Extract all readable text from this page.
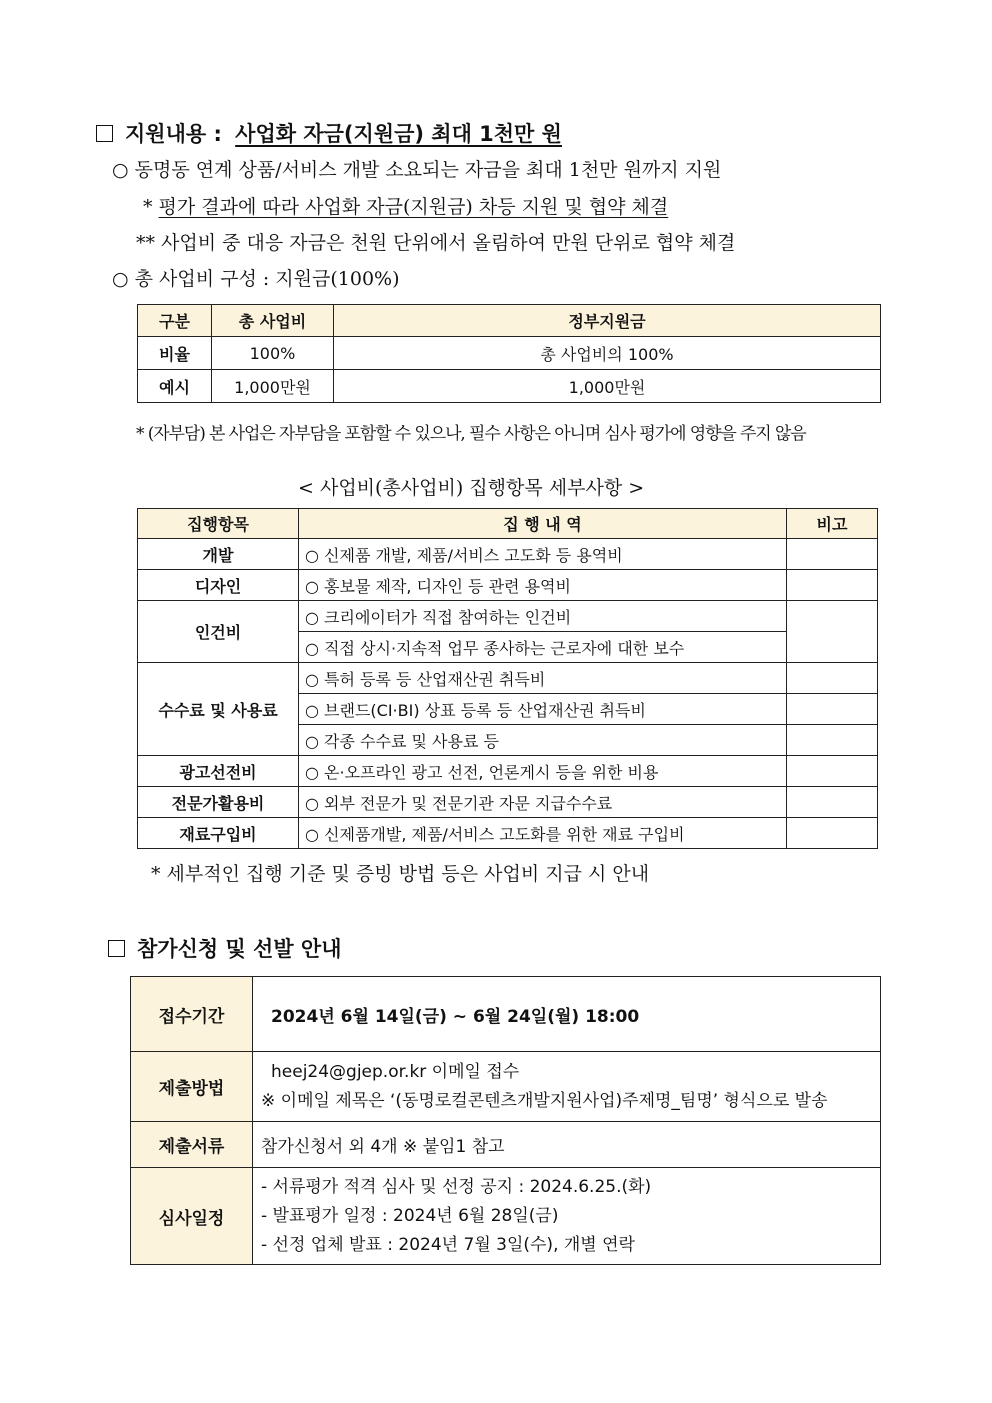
지원내용 : 사업화 자금(지원금) 최대 1천만 원
○ 동명동 연계 상품/서비스 개발 소요되는 자금을 최대 1천만 원까지 지원
* 평가 결과에 따라 사업화 자금(지원금) 차등 지원 및 협약 체결
** 사업비 중 대응 자금은 천원 단위에서 올림하여 만원 단위로 협약 체결
○ 총 사업비 구성 : 지원금(100%)
구분	총 사업비	정부지원금
비율	100%	총 사업비의 100%
예시	1,000만원	1,000만원
* (자부담) 본 사업은 자부담을 포함할 수 있으나, 필수 사항은 아니며 심사 평가에 영향을 주지 않음
< 사업비(총사업비) 집행항목 세부사항 >
집행항목	집 행 내 역	비고
개발	○ 신제품 개발, 제품/서비스 고도화 등 용역비	
디자인	○ 홍보물 제작, 디자인 등 관련 용역비	
인건비	○ 크리에이터가 직접 참여하는 인건비	
	○ 직접 상시·지속적 업무 종사하는 근로자에 대한 보수	
수수료 및 사용료	○ 특허 등록 등 산업재산권 취득비	
	○ 브랜드(CI·BI) 상표 등록 등 산업재산권 취득비	
	○ 각종 수수료 및 사용료 등	
광고선전비	○ 온·오프라인 광고 선전, 언론게시 등을 위한 비용	
전문가활용비	○ 외부 전문가 및 전문기관 자문 지급수수료	
재료구입비	○ 신제품개발, 제품/서비스 고도화를 위한 재료 구입비	
* 세부적인 집행 기준 및 증빙 방법 등은 사업비 지급 시 안내
참가신청 및 선발 안내
접수기간	2024년 6월 14일(금) ~ 6월 24일(월) 18:00
제출방법	heej24@gjep.or.kr 이메일 접수
※ 이메일 제목은 ‘(동명로컬콘텐츠개발지원사업)주제명_팀명’ 형식으로 발송

제출서류	참가신청서 외 4개 ※ 붙임1 참고
심사일정	- 서류평가 적격 심사 및 선정 공지 : 2024.6.25.(화)
- 발표평가 일정 : 2024년 6월 28일(금)
- 선정 업체 발표 : 2024년 7월 3일(수), 개별 연락
